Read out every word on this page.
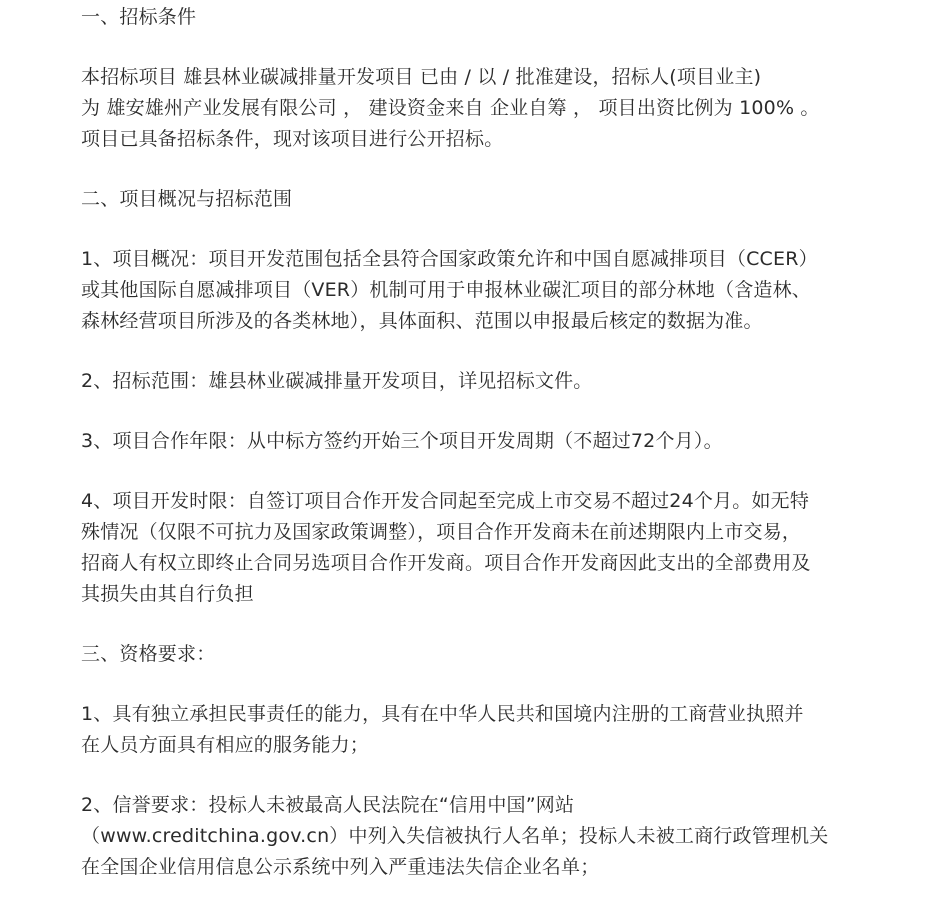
一、招标条件
本招标项目 雄县林业碳减排量开发项目 已由 / 以 / 批准建设，招标人(项目业主)
为 雄安雄州产业发展有限公司 ， 建设资金来自 企业自筹 ， 项目出资比例为 100% 。
项目已具备招标条件，现对该项目进行公开招标。
二、项目概况与招标范围
1、项目概况：项目开发范围包括全县符合国家政策允许和中国自愿减排项目（CCER）
或其他国际自愿减排项目（VER）机制可用于申报林业碳汇项目的部分林地（含造林、
森林经营项目所涉及的各类林地），具体面积、范围以申报最后核定的数据为准。
2、招标范围：雄县林业碳减排量开发项目，详见招标文件。
3、项目合作年限：从中标方签约开始三个项目开发周期（不超过72个月）。
4、项目开发时限：自签订项目合作开发合同起至完成上市交易不超过24个月。如无特
殊情况（仅限不可抗力及国家政策调整），项目合作开发商未在前述期限内上市交易，
招商人有权立即终止合同另选项目合作开发商。项目合作开发商因此支出的全部费用及
其损失由其自行负担
三、资格要求：
1、具有独立承担民事责任的能力，具有在中华人民共和国境内注册的工商营业执照并
在人员方面具有相应的服务能力；
2、信誉要求：投标人未被最高人民法院在“信用中国”网站
（www.creditchina.gov.cn）中列入失信被执行人名单；投标人未被工商行政管理机关
在全国企业信用信息公示系统中列入严重违法失信企业名单；
